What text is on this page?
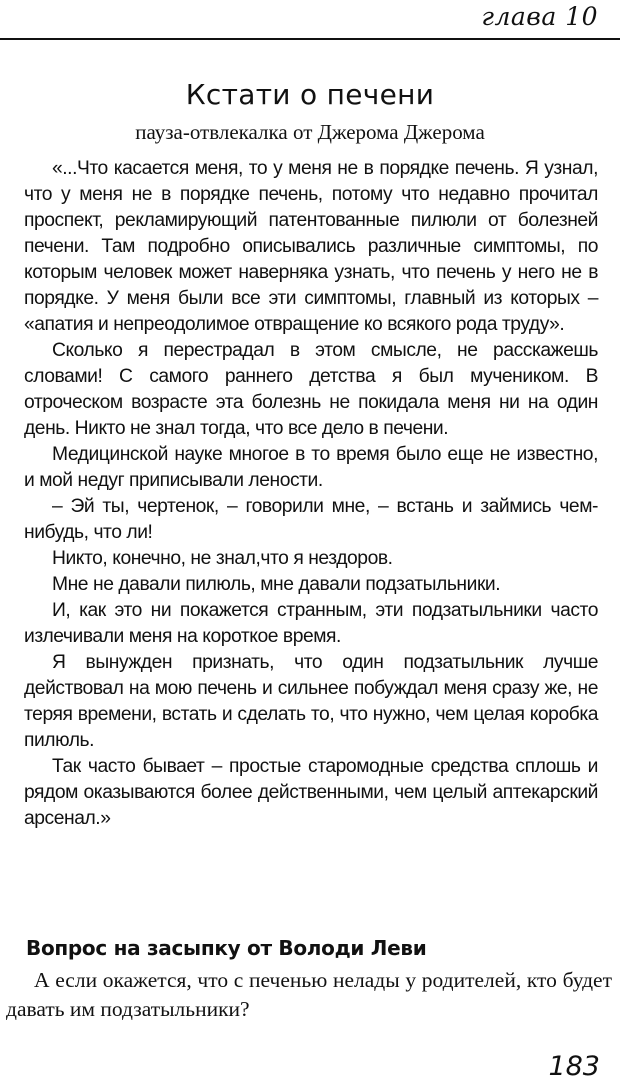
глава 10
Кстати о печени
пауза-отвлекалка от Джерома Джерома

«...Что касается меня, то у меня не в порядке печень. Я узнал, что у меня не в порядке печень, потому что недавно прочитал проспект, рекламирующий патентованные пилюли от болезней печени. Там подробно описывались различные симптомы, по которым человек может наверняка узнать, что печень у него не в порядке. У меня были все эти симптомы, главный из которых – «апатия и непреодолимое отвращение ко всякого рода труду».

Сколько я перестрадал в этом смысле, не расскажешь словами! С самого раннего детства я был мучеником. В отроческом возрасте эта болезнь не покидала меня ни на один день. Никто не знал тогда, что все дело в печени.

Медицинской науке многое в то время было еще не известно, и мой недуг приписывали лености.

– Эй ты, чертенок, – говорили мне, – встань и займись чем-нибудь, что ли!

Никто, конечно, не знал,что я нездоров.

Мне не давали пилюль, мне давали подзатыльники.

И, как это ни покажется странным, эти подзатыльники часто излечивали меня на короткое время.

Я вынужден признать, что один подзатыльник лучше действовал на мою печень и сильнее побуждал меня сразу же, не теряя времени, встать и сделать то, что нужно, чем целая коробка пилюль.

Так часто бывает – простые старомодные средства сплошь и рядом оказываются более действенными, чем целый аптекарский арсенал.»

Вопрос на засыпку от Володи Леви

А если окажется, что с печенью нелады у родителей, кто будет давать им подзатыльники?

183
